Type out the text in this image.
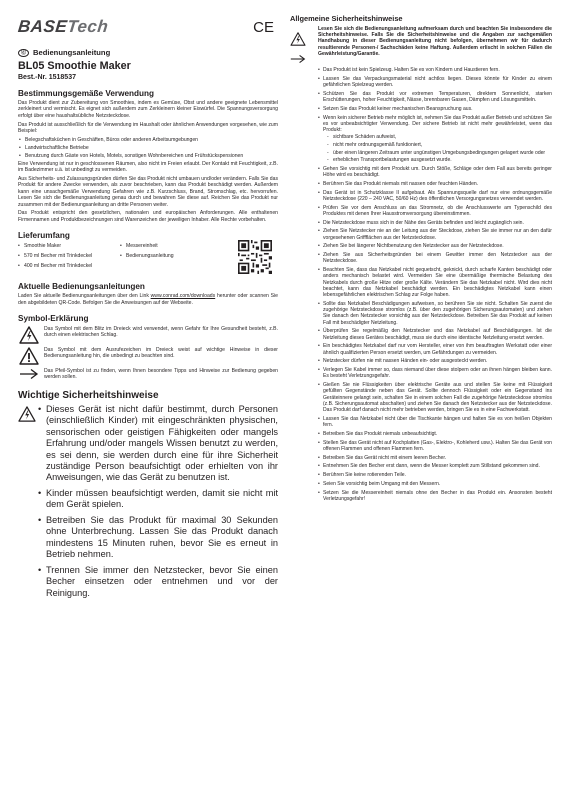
BASETech	CE
ⓓ Bedienungsanleitung
BL05 Smoothie Maker
Best.-Nr. 1518537
Bestimmungsgemäße Verwendung
Das Produkt dient zur Zubereitung von Smoothies, indem es Gemüse, Obst und andere geeignete Lebensmittel zerkleinert und vermischt. Es eignet sich außerdem zum Zerkleinern kleiner Eiswürfel. Die Spannungsversorgung erfolgt über eine haushaltsübliche Netzsteckdose.
Das Produkt ist ausschließlich für die Verwendung im Haushalt oder ähnlichen Anwendungen vorgesehen, wie zum Beispiel:
• Belegschaftsküchen in Geschäften, Büros oder anderen Arbeitsumgebungen
• Landwirtschaftliche Betriebe
• Benutzung durch Gäste von Hotels, Motels, sonstigen Wohnbereichen und Frühstückspensionen
Eine Verwendung ist nur in geschlossenen Räumen, also nicht im Freien erlaubt. Der Kontakt mit Feuchtigkeit, z.B. im Badezimmer u.ä. ist unbedingt zu vermeiden.
Aus Sicherheits- und Zulassungsgründen dürfen Sie das Produkt nicht umbauen und/oder verändern. Falls Sie das Produkt für andere Zwecke verwenden, als zuvor beschrieben, kann das Produkt beschädigt werden. Außerdem kann eine unsachgemäße Verwendung Gefahren wie z.B. Kurzschluss, Brand, Stromschlag, etc. hervorrufen. Lesen Sie sich die Bedienungsanleitung genau durch und bewahren Sie diese auf. Reichen Sie das Produkt nur zusammen mit der Bedienungsanleitung an dritte Personen weiter.
Das Produkt entspricht den gesetzlichen, nationalen und europäischen Anforderungen. Alle enthaltenen Firmennamen und Produktbezeichnungen sind Warenzeichen der jeweiligen Inhaber. Alle Rechte vorbehalten.
Lieferumfang
• Smoothie Maker
• 570 ml Becher mit Trinkdeckel
• 400 ml Becher mit Trinkdeckel
• Messereinheit
• Bedienungsanleitung
Aktuelle Bedienungsanleitungen
Laden Sie aktuelle Bedienungsanleitungen über den Link www.conrad.com/downloads herunter oder scannen Sie den abgebildeten QR-Code. Befolgen Sie die Anweisungen auf der Webseite.
Symbol-Erklärung
Das Symbol mit dem Blitz im Dreieck wird verwendet, wenn Gefahr für Ihre Gesundheit besteht, z.B. durch einen elektrischen Schlag.
Das Symbol mit dem Ausrufezeichen im Dreieck weist auf wichtige Hinweise in dieser Bedienungsanleitung hin, die unbedingt zu beachten sind.
Das Pfeil-Symbol ist zu finden, wenn Ihnen besondere Tipps und Hinweise zur Bedienung gegeben werden sollen.
Wichtige Sicherheitshinweise
• Dieses Gerät ist nicht dafür bestimmt, durch Personen (einschließlich Kinder) mit eingeschränkten physischen, sensorischen oder geistigen Fähigkeiten oder mangels Erfahrung und/oder mangels Wissen benutzt zu werden, es sei denn, sie werden durch eine für ihre Sicherheit zuständige Person beaufsichtigt oder erhielten von ihr Anweisungen, wie das Gerät zu benutzen ist.
• Kinder müssen beaufsichtigt werden, damit sie nicht mit dem Gerät spielen.
• Betreiben Sie das Produkt für maximal 30 Sekunden ohne Unterbrechung. Lassen Sie das Produkt danach mindestens 15 Minuten ruhen, bevor Sie es erneut in Betrieb nehmen.
• Trennen Sie immer den Netzstecker, bevor Sie einen Becher einsetzen oder entnehmen und vor der Reinigung.
Allgemeine Sicherheitshinweise
Lesen Sie sich die Bedienungsanleitung aufmerksam durch und beachten Sie insbesondere die Sicherheitshinweise. Falls Sie die Sicherheitshinweise und die Angaben zur sachgemäßen Handhabung in dieser Bedienungsanleitung nicht befolgen, übernehmen wir für dadurch resultierende Personen-/ Sachschäden keine Haftung. Außerdem erlischt in solchen Fällen die Gewährleistung/Garantie.
• Das Produkt ist kein Spielzeug. Halten Sie es von Kindern und Haustieren fern.
• Lassen Sie das Verpackungsmaterial nicht achtlos liegen. Dieses könnte für Kinder zu einem gefährlichen Spielzeug werden.
• Schützen Sie das Produkt vor extremen Temperaturen, direktem Sonnenlicht, starken Erschütterungen, hoher Feuchtigkeit, Nässe, brennbaren Gasen, Dämpfen und Lösungsmitteln.
• Setzen Sie das Produkt keiner mechanischen Beanspruchung aus.
• Wenn kein sicherer Betrieb mehr möglich ist, nehmen Sie das Produkt außer Betrieb und schützen Sie es vor unbeabsichtigter Verwendung. Der sichere Betrieb ist nicht mehr gewährleistet, wenn das Produkt:
- sichtbare Schäden aufweist,
- nicht mehr ordnungsgemäß funktioniert,
- über einen längeren Zeitraum unter ungünstigen Umgebungsbedingungen gelagert wurde oder
- erheblichen Transportbelastungen ausgesetzt wurde.
• Gehen Sie vorsichtig mit dem Produkt um. Durch Stöße, Schläge oder dem Fall aus bereits geringer Höhe wird es beschädigt.
• Berühren Sie das Produkt niemals mit nassen oder feuchten Händen.
• Das Gerät ist in Schutzklasse II aufgebaut. Als Spannungsquelle darf nur eine ordnungsgemäße Netzsteckdose (220 – 240 VAC, 50/60 Hz) des öffentlichen Versorgungsnetzes verwendet werden.
• Prüfen Sie vor dem Anschluss an das Stromnetz, ob die Anschlusswerte am Typenschild des Produktes mit denen Ihrer Hausstromversorgung übereinstimmen.
• Die Netzsteckdose muss sich in der Nähe des Geräts befinden und leicht zugänglich sein.
• Ziehen Sie Netzstecker nie an der Leitung aus der Steckdose, ziehen Sie sie immer nur an den dafür vorgesehenen Griffflächen aus der Netzsteckdose.
• Ziehen Sie bei längerer Nichtbenutzung den Netzstecker aus der Netzsteckdose.
• Ziehen Sie aus Sicherheitsgründen bei einem Gewitter immer den Netzstecker aus der Netzsteckdose.
• Beachten Sie, dass das Netzkabel nicht gequetscht, geknickt, durch scharfe Kanten beschädigt oder anders mechanisch belastet wird. Vermeiden Sie eine übermäßige thermische Belastung des Netzkabels durch große Hitze oder große Kälte. Verändern Sie das Netzkabel nicht. Wird dies nicht beachtet, kann das Netzkabel beschädigt werden. Ein beschädigtes Netzkabel kann einen lebensgefährlichen elektrischen Schlag zur Folge haben.
• Sollte das Netzkabel Beschädigungen aufweisen, so berühren Sie sie nicht. Schalten Sie zuerst die zugehörige Netzsteckdose stromlos (z.B. über den zugehörigen Sicherungsautomaten) und ziehen Sie danach den Netzstecker vorsichtig aus der Netzsteckdose. Betreiben Sie das Produkt auf keinen Fall mit beschädigter Netzleitung.
• Überprüfen Sie regelmäßig den Netzstecker und das Netzkabel auf Beschädigungen. Ist die Netzleitung dieses Gerätes beschädigt, muss sie durch eine identische Netzleitung ersetzt werden.
• Ein beschädigtes Netzkabel darf nur vom Hersteller, einer von ihm beauftragten Werkstatt oder einer ähnlich qualifizierten Person ersetzt werden, um Gefährdungen zu vermeiden.
• Netzstecker dürfen nie mit nassen Händen ein- oder ausgesteckt werden.
• Verlegen Sie Kabel immer so, dass niemand über diese stolpern oder an ihnen hängen bleiben kann. Es besteht Verletzungsgefahr.
• Gießen Sie nie Flüssigkeiten über elektrische Geräte aus und stellen Sie keine mit Flüssigkeit gefüllten Gegenstände neben das Gerät. Sollte dennoch Flüssigkeit oder ein Gegenstand ins Geräteinnere gelangt sein, schalten Sie in einem solchen Fall die zugehörige Netzsteckdose stromlos (z.B. Sicherungsautomat abschalten) und ziehen Sie danach den Netzstecker aus der Netzsteckdose. Das Produkt darf danach nicht mehr betrieben werden, bringen Sie es in eine Fachwerkstatt.
• Lassen Sie das Netzkabel nicht über die Tischkante hängen und halten Sie es von heißen Objekten fern.
• Betreiben Sie das Produkt niemals unbeaufsichtigt.
• Stellen Sie das Gerät nicht auf Kochplatten (Gas-, Elektro-, Kohleherd usw.). Halten Sie das Gerät von offenen Flammen und offenen Flammen fern.
• Betreiben Sie das Gerät nicht mit einem leeren Becher.
• Entnehmen Sie den Becher erst dann, wenn die Messer komplett zum Stillstand gekommen sind.
• Berühren Sie keine rotierenden Teile.
• Seien Sie vorsichtig beim Umgang mit den Messern.
• Setzen Sie die Messereinheit niemals ohne den Becher in das Produkt ein. Ansonsten besteht Verletzungsgefahr!
